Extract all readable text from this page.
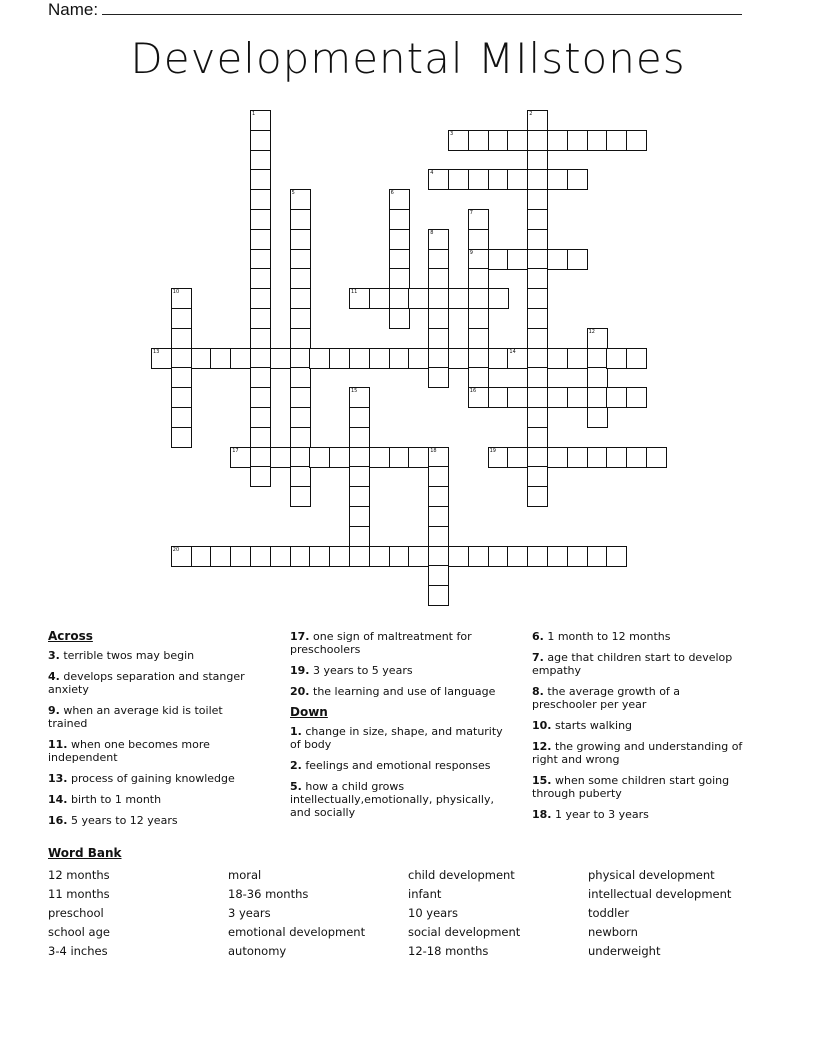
Name:
Developmental MIlstones
1	2
3
4
5	6
7
9
8
10	11
12
13	14
15	16
17	18	19
20
Across
3. terrible twos may begin
4. develops separation and stanger anxiety
9. when an average kid is toilet trained
11. when one becomes more independent
13. process of gaining knowledge
14. birth to 1 month
16. 5 years to 12 years
17. one sign of maltreatment for preschoolers
19. 3 years to 5 years
20. the learning and use of language
Down
1. change in size, shape, and maturity of body
2. feelings and emotional responses
5. how a child grows intellectually,emotionally, physically, and socially
6. 1 month to 12 months
7. age that children start to develop empathy
8. the average growth of a preschooler per year
10. starts walking
12. the growing and understanding of right and wrong
15. when some children start going through puberty
18. 1 year to 3 years
Word Bank
12 months
11 months
preschool
school age
3-4 inches
moral
18-36 months
3 years
emotional development
autonomy
child development
infant
10 years
social development
12-18 months
physical development
intellectual development
toddler
newborn
underweight
